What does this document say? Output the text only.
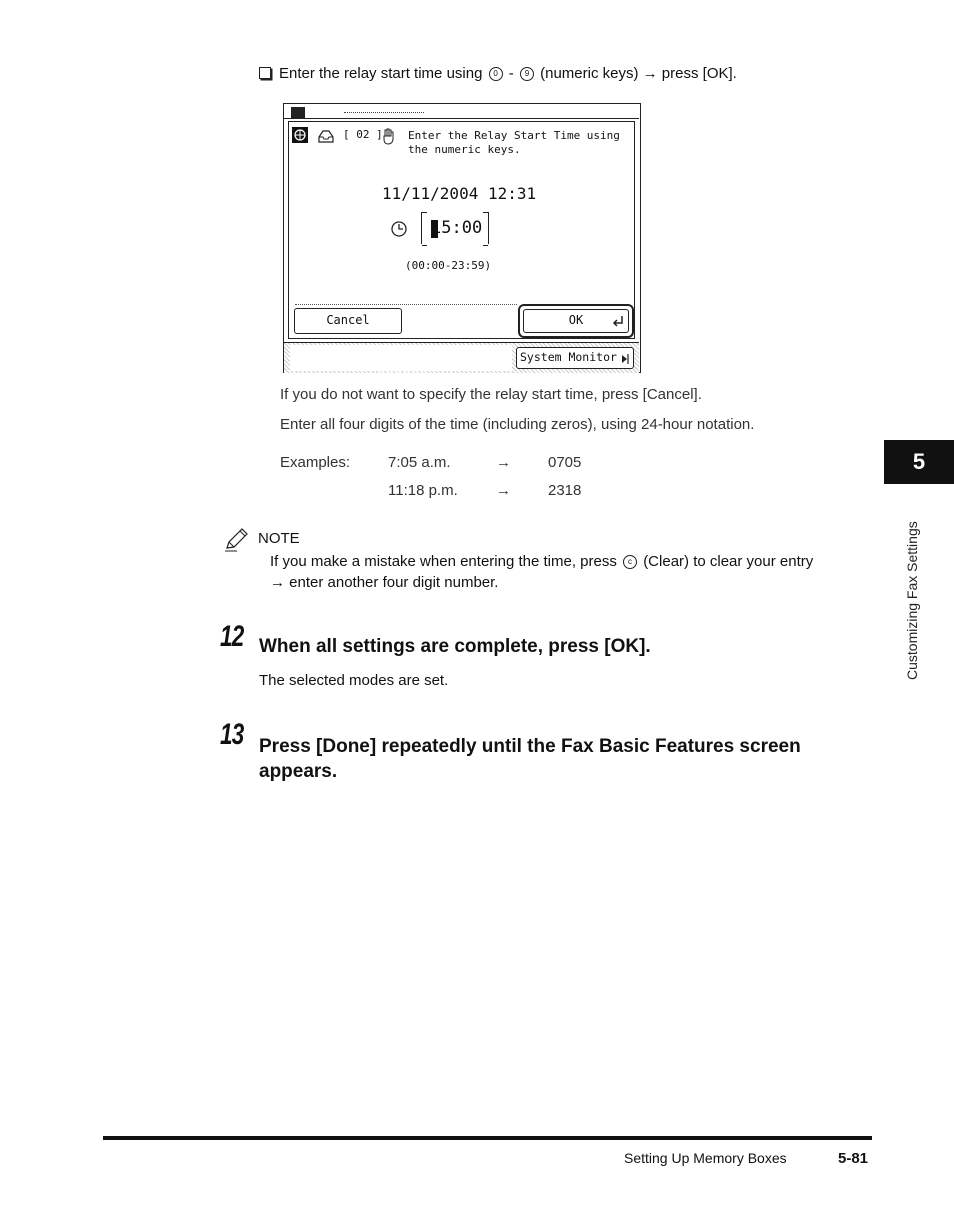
Enter the relay start time using 0 - 9 (numeric keys) → press [OK].
[ 02 ] Enter the Relay Start Time using
the numeric keys.
11/11/2004 12:31
15:00
(00:00-23:59)
Cancel	OK
System Monitor
If you do not want to specify the relay start time, press [Cancel].
Enter all four digits of the time (including zeros), using 24-hour notation.
Examples:	7:05 a.m.	→ 0705
11:18 p.m.	→ 2318
NOTE
If you make a mistake when entering the time, press c (Clear) to clear your entry
→ enter another four digit number.
12 When all settings are complete, press [OK].
The selected modes are set.
13 Press [Done] repeatedly until the Fax Basic Features screen
appears.
5
Customizing Fax Settings
Setting Up Memory Boxes	5-81
